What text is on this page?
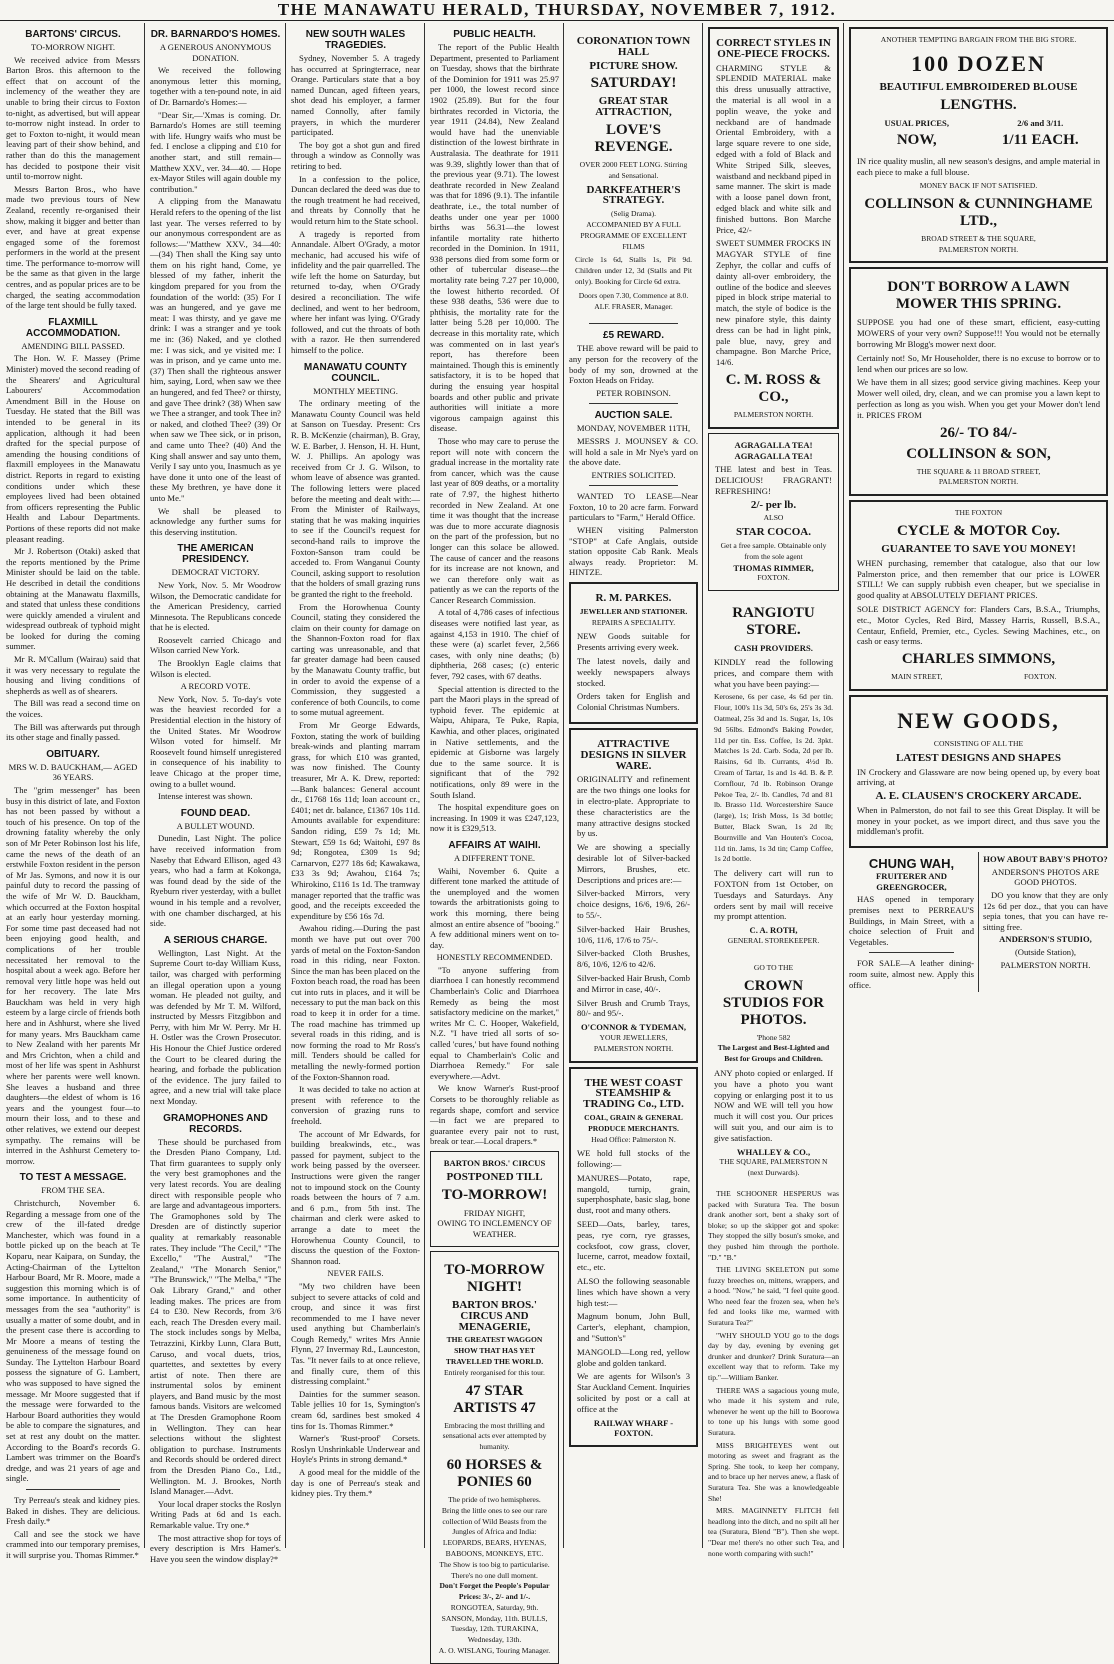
THE MANAWATU HERALD, THURSDAY, NOVEMBER 7, 1912.
BARTONS' CIRCUS.
TO-MORROW NIGHT.

We received advice from Messrs Barton Bros. this afternoon to the effect that on account of the inclemency of the weather they are unable to bring their circus to Foxton to-night, as advertised, but will appear to-morrow night instead. In order to get to Foxton to-night, it would mean leaving part of their show behind, and rather than do this the management has decided to postpone their visit until to-morrow night.

Messrs Barton Bros., who have made two previous tours of New Zealand, recently re-organised their show, making it bigger and better than ever, and have at great expense engaged some of the foremost performers in the world at the present time. The performance to-morrow will be the same as that given in the large centres, and as popular prices are to be charged, the seating accommodation of the large tent should be fully taxed.

FLAXMILL ACCOMMODATION.
AMENDING BILL PASSED.

The Hon. W. F. Massey (Prime Minister) moved the second reading of the Shearers' and Agricultural Labourers' Accommodation Amendment Bill in the House on Tuesday. He stated that the Bill was intended to be general in its application, although it had been drafted for the special purpose of amending the housing conditions of flaxmill employees in the Manawatu district. Reports in regard to existing conditions under which these employees lived had been obtained from officers representing the Public Health and Labour Departments. Portions of these reports did not make pleasant reading.

Mr J. Robertson (Otaki) asked that the reports mentioned by the Prime Minister should be laid on the table. He described in detail the conditions obtaining at the Manawatu flaxmills, and stated that unless these conditions were quickly amended a virulent and widespread outbreak of typhoid might be looked for during the coming summer.

Mr R. M'Callum (Wairau) said that it was very necessary to regulate the housing and living conditions of shepherds as well as of shearers.

The Bill was read a second time on the voices.

The Bill was afterwards put through its other stage and finally passed.

OBITUARY.
MRS W. D. BAUCKHAM,— AGED 36 YEARS.

The "grim messenger" has been busy in this district of late, and Foxton has not been passed by without a touch of his presence. On top of the drowning fatality whereby the only son of Mr Peter Robinson lost his life, came the news of the death of an erstwhile Foxton resident in the person of Mr Jas. Symons, and now it is our painful duty to record the passing of the wife of Mr W. D. Bauckham, which occurred at the Foxton hospital at an early hour yesterday morning. For some time past deceased had not been enjoying good health, and complications of her trouble necessitated her removal to the hospital about a week ago. Before her removal very little hope was held out for her recovery. The late Mrs Bauckham was held in very high esteem by a large circle of friends both here and in Ashhurst, where she lived for many years. Mrs Bauckham came to New Zealand with her parents Mr and Mrs Crichton, when a child and most of her life was spent in Ashhurst where her parents were well known. She leaves a husband and three daughters—the eldest of whom is 16 years and the youngest four—to mourn their loss, and to these and other relatives, we extend our deepest sympathy. The remains will be interred in the Ashhurst Cemetery to-morrow.

TO TEST A MESSAGE.
FROM THE SEA.

Christchurch, November 6. Regarding a message from one of the crew of the ill-fated dredge Manchester, which was found in a bottle picked up on the beach at Te Koparu, near Kaipara, on Sunday, the Acting-Chairman of the Lyttelton Harbour Board, Mr R. Moore, made a suggestion this morning which is of some importance. In authenticity of messages from the sea "authority" is usually a matter of some doubt, and in the present case there is according to Mr Moore a means of testing the genuineness of the message found on Sunday. The Lyttelton Harbour Board possess the signature of G. Lambert, who was supposed to have signed the message. Mr Moore suggested that if the message were forwarded to the Harbour Board authorities they would be able to compare the signatures, and set at rest any doubt on the matter. According to the Board's records G. Lambert was trimmer on the Board's dredge, and was 21 years of age and single.

Try Perreau's steak and kidney pies. Baked in dishes. They are delicious. Fresh daily.*

Call and see the stock we have crammed into our temporary premises, it will surprise you. Thomas Rimmer.*

DR. BARNARDO'S HOMES.
A GENEROUS ANONYMOUS DONATION.

We received the following anonymous letter this morning, together with a ten-pound note, in aid of Dr. Barnardo's Homes:—

"Dear Sir,—'Xmas is coming. Dr. Barnardo's Homes are still teeming with life. Hungry waifs who must be fed. I enclose a clipping and £10 for another start, and still remain—Matthew XXV., ver. 34—40. — Hope ex-Mayor Stiles will again double my contribution."

A clipping from the Manawatu Herald refers to the opening of the list last year. The verses referred to by our anonymous correspondent are as follows:—"Matthew XXV., 34—40:—(34) Then shall the King say unto them on his right hand, Come, ye blessed of my father, inherit the kingdom prepared for you from the foundation of the world: (35) For I was an hungered, and ye gave me meat: I was thirsty, and ye gave me drink: I was a stranger and ye took me in: (36) Naked, and ye clothed me: I was sick, and ye visited me: I was in prison, and ye came unto me. (37) Then shall the righteous answer him, saying, Lord, when saw we thee an hungered, and fed Thee? or thirsty, and gave Thee drink? (38) When saw we Thee a stranger, and took Thee in? or naked, and clothed Thee? (39) Or when saw we Thee sick, or in prison, and came unto Thee? (40) And the King shall answer and say unto them, Verily I say unto you, Inasmuch as ye have done it unto one of the least of these My brethren, ye have done it unto Me."

We shall be pleased to acknowledge any further sums for this deserving institution.

THE AMERICAN PRESIDENCY.
DEMOCRAT VICTORY.

New York, Nov. 5. Mr Woodrow Wilson, the Democratic candidate for the American Presidency, carried Minnesota. The Republicans concede that he is elected.

Roosevelt carried Chicago and Wilson carried New York.

The Brooklyn Eagle claims that Wilson is elected.

A RECORD VOTE.

New York, Nov. 5. To-day's vote was the heaviest recorded for a Presidential election in the history of the United States. Mr Woodrow Wilson voted for himself. Mr Roosevelt found himself unregistered in consequence of his inability to leave Chicago at the proper time, owing to a bullet wound.

Intense interest was shown.

FOUND DEAD.
A BULLET WOUND.

Dunedin, Last Night. The police have received information from Naseby that Edward Ellison, aged 43 years, who had a farm at Kokonga, was found dead by the side of the Ryeburn river yesterday, with a bullet wound in his temple and a revolver, with one chamber discharged, at his side.

A SERIOUS CHARGE.

Wellington, Last Night. At the Supreme Court to-day William Kuss, tailor, was charged with performing an illegal operation upon a young woman. He pleaded not guilty, and was defended by Mr T. M. Wilford, instructed by Messrs Fitzgibbon and Perry, with him Mr W. Perry. Mr H. H. Ostler was the Crown Prosecutor. His Honour the Chief Justice ordered the Court to be cleared during the hearing, and forbade the publication of the evidence. The jury failed to agree, and a new trial will take place next Monday.

GRAMOPHONES AND RECORDS.

These should be purchased from the Dresden Piano Company, Ltd. That firm guarantees to supply only the very best gramophones and the very latest records. You are dealing direct with responsible people who are large and advantageous importers. The Gramophones sold by The Dresden are of distinctly superior quality at remarkably reasonable rates. They include "The Cecil," "The Excello," "The Austral," "The Zealand," "The Monarch Senior," "The Brunswick," "The Melba," "The Oak Library Grand," and other leading makes. The prices are from £4 to £30. New Records, from 3/6 each, reach The Dresden every mail. The stock includes songs by Melba, Tetrazzini, Kirkby Lunn, Clara Butt, Caruso, and vocal duets, trios, quartettes, and sextettes by every artist of note. Then there are instrumental solos by eminent players, and Band music by the most famous bands. Visitors are welcomed at The Dresden Gramophone Room in Wellington. They can hear selections without the slightest obligation to purchase. Instruments and Records should be ordered direct from the Dresden Piano Co., Ltd., Wellington. M. J. Brookes, North Island Manager.—Advt.

Your local draper stocks the Roslyn Writing Pads at 6d and 1s each. Remarkable value. Try one.*

The most attractive shop for toys of every description is Mrs Hamer's. Have you seen the window display?*

NEW SOUTH WALES TRAGEDIES.

Sydney, November 5. A tragedy has occurred at Springterrace, near Orange. Particulars state that a boy named Duncan, aged fifteen years, shot dead his employer, a farmer named Connolly, after family prayers, in which the murderer participated.

The boy got a shot gun and fired through a window as Connolly was retiring to bed.

In a confession to the police, Duncan declared the deed was due to the rough treatment he had received, and threats by Connolly that he would return him to the State school.

A tragedy is reported from Annandale. Albert O'Grady, a motor mechanic, had accused his wife of infidelity and the pair quarrelled. The wife left the home on Saturday, but returned to-day, when O'Grady desired a reconciliation. The wife declined, and went to her bedroom, where her infant was lying. O'Grady followed, and cut the throats of both with a razor. He then surrendered himself to the police.

MANAWATU COUNTY COUNCIL.
MONTHLY MEETING.

The ordinary meeting of the Manawatu County Council was held at Sanson on Tuesday. Present: Crs R. B. McKenzie (chairman), B. Gray, W. E. Barber, J. Henson, H. H. Hunt, W. J. Phillips. An apology was received from Cr J. G. Wilson, to whom leave of absence was granted. The following letters were placed before the meeting and dealt with:— From the Minister of Railways, stating that he was making inquiries to see if the Council's request for second-hand rails to improve the Foxton-Sanson tram could be acceded to. From Wanganui County Council, asking support to resolution that the holders of small grazing runs be granted the right to the freehold.

From the Horowhenua County Council, stating they considered the claim on their county for damage on the Shannon-Foxton road for flax carting was unreasonable, and that far greater damage had been caused by the Manawatu County traffic, but in order to avoid the expense of a Commission, they suggested a conference of both Councils, to come to some mutual agreement.

From Mr George Edwards, Foxton, stating the work of building break-winds and planting marram grass, for which £10 was granted, was now finished. The County treasurer, Mr A. K. Drew, reported:—Bank balances: General account dr., £1768 16s 11d; loan account cr., £401; net dr. balance, £1367 10s 11d. Amounts available for expenditure: Sandon riding, £59 7s 1d; Mt. Stewart, £59 1s 6d; Waitohi, £97 8s 9d; Rongotea, £309 1s 9d; Carnarvon, £277 18s 6d; Kawakawa, £33 3s 9d; Awahou, £164 7s; Whirokino, £116 1s 1d. The tramway manager reported that the traffic was good, and the receipts exceeded the expenditure by £56 16s 7d.

Awahou riding.—During the past month we have put out over 700 yards of metal on the Foxton-Sandon road in this riding, near Foxton. Since the man has been placed on the Foxton beach road, the road has been cut into ruts in places, and it will be necessary to put the man back on this road to keep it in order for a time. The road machine has trimmed up several roads in this riding, and is now forming the road to Mr Ross's mill. Tenders should be called for metalling the newly-formed portion of the Foxton-Shannon road.

It was decided to take no action at present with reference to the conversion of grazing runs to freehold.

The account of Mr Edwards, for building breakwinds, etc., was passed for payment, subject to the work being passed by the overseer. Instructions were given the ranger not to impound stock on the County roads between the hours of 7 a.m. and 6 p.m., from 5th inst. The chairman and clerk were asked to arrange a date to meet the Horowhenua County Council, to discuss the question of the Foxton-Shannon road.

NEVER FAILS.

"My two children have been subject to severe attacks of cold and croup, and since it was first recommended to me I have never used anything but Chamberlain's Cough Remedy," writes Mrs Annie Flynn, 27 Invermay Rd., Launceston, Tas. "It never fails to at once relieve, and finally cure, them of this distressing complaint."

Dainties for the summer season. Table jellies 10 for 1s, Symington's cream 6d, sardines best smoked 4 tins for 1s. Thomas Rimmer.*

Warner's 'Rust-proof' Corsets. Roslyn Unshrinkable Underwear and Hoyle's Prints in strong demand.*

A good meal for the middle of the day is one of Perreau's steak and kidney pies. Try them.*

PUBLIC HEALTH.

The report of the Public Health Department, presented to Parliament on Tuesday, shows that the birthrate of the Dominion for 1911 was 25.97 per 1000, the lowest record since 1902 (25.89). But for the four birthrates recorded in Victoria, the year 1911 (24.84), New Zealand would have had the unenviable distinction of the lowest birthrate in Australasia. The deathrate for 1911 was 9.39, slightly lower than that of the previous year (9.71). The lowest deathrate recorded in New Zealand was that for 1896 (9.1). The infantile deathrate, i.e., the total number of deaths under one year per 1000 births was 56.31—the lowest infantile mortality rate hitherto recorded in the Dominion. In 1911, 938 persons died from some form or other of tubercular disease—the mortality rate being 7.27 per 10,000, the lowest hitherto recorded. Of these 938 deaths, 536 were due to phthisis, the mortality rate for the latter being 5.28 per 10,000. The decrease in this mortality rate, which was commented on in last year's report, has therefore been maintained. Though this is eminently satisfactory, it is to be hoped that during the ensuing year hospital boards and other public and private authorities will initiate a more vigorous campaign against this disease.

Those who may care to peruse the report will note with concern the gradual increase in the mortality rate from cancer, which was the cause last year of 809 deaths, or a mortality rate of 7.97, the highest hitherto recorded in New Zealand. At one time it was thought that the increase was due to more accurate diagnosis on the part of the profession, but no longer can this solace be allowed. The cause of cancer and the reasons for its increase are not known, and we can therefore only wait as patiently as we can the reports of the Cancer Research Commission.

A total of 4,786 cases of infectious diseases were notified last year, as against 4,153 in 1910. The chief of these were (a) scarlet fever, 2,566 cases, with only nine deaths; (b) diphtheria, 268 cases; (c) enteric fever, 792 cases, with 67 deaths.

Special attention is directed to the part the Maori plays in the spread of typhoid fever. The epidemic at Waipu, Ahipara, Te Puke, Rapia, Kawhia, and other places, originated in Native settlements, and the epidemic at Gisborne was largely due to the same source. It is significant that of the 792 notifications, only 89 were in the South Island.

The hospital expenditure goes on increasing. In 1909 it was £247,123, now it is £329,513.

AFFAIRS AT WAIHI.
A DIFFERENT TONE.

Waihi, November 6. Quite a different tone marked the attitude of the unemployed and the women towards the arbitrationists going to work this morning, there being almost an entire absence of "booing." A few additional miners went on to-day.

HONESTLY RECOMMENDED.

"To anyone suffering from diarrhoea I can honestly recommend Chamberlain's Colic and Diarrhoea Remedy as being the most satisfactory medicine on the market," writes Mr C. C. Hooper, Wakefield, N.Z. "I have tried all sorts of so-called 'cures,' but have found nothing equal to Chamberlain's Colic and Diarrhoea Remedy." For sale everywhere.—Advt.

We know Warner's Rust-proof Corsets to be thoroughly reliable as regards shape, comfort and service —in fact we are prepared to guarantee every pair not to rust, break or tear.—Local drapers.*

BARTON BROS.' CIRCUS
POSTPONED TILL
TO-MORROW!
FRIDAY NIGHT,
OWING TO INCLEMENCY OF WEATHER.
TO-MORROW NIGHT!
BARTON BROS.' CIRCUS AND MENAGERIE,
THE GREATEST WAGGON SHOW THAT HAS YET TRAVELLED THE WORLD.
Entirely reorganised for this tour.
47 STAR ARTISTS 47
Embracing the most thrilling and sensational acts ever attempted by humanity.
60 HORSES & PONIES 60
The pride of two hemispheres.
Bring the little ones to see our rare collection of Wild Beasts from the Jungles of Africa and India: LEOPARDS, BEARS, HYENAS, BABOONS, MONKEYS, ETC.
The Show is too big to particularise. There's no one dull moment.
Don't Forget the People's Popular Prices: 3/-, 2/- and 1/-.
RONGOTEA, Saturday, 9th. SANSON, Monday, 11th. BULLS, Tuesday, 12th. TURAKINA, Wednesday, 13th.
A. O. WISLANG, Touring Manager.
CORONATION TOWN HALL
PICTURE SHOW.
SATURDAY!
GREAT STAR ATTRACTION,
LOVE'S REVENGE.
OVER 2000 FEET LONG. Stirring and Sensational.
DARKFEATHER'S STRATEGY.
(Selig Drama).
ACCOMPANIED BY A FULL PROGRAMME OF EXCELLENT FILMS

Circle 1s 6d, Stalls 1s, Pit 9d. Children under 12, 3d (Stalls and Pit only). Booking for Circle 6d extra.

Doors open 7.30, Commence at 8.0.
ALF. FRASER, Manager.
£5 REWARD.

THE above reward will be paid to any person for the recovery of the body of my son, drowned at the Foxton Heads on Friday.

PETER ROBINSON.
AUCTION SALE.
MONDAY, NOVEMBER 11TH,

MESSRS J. MOUNSEY & CO. will hold a sale in Mr Nye's yard on the above date.

ENTRIES SOLICITED.

WANTED TO LEASE—Near Foxton, 10 to 20 acre farm. Forward particulars to "Farm," Herald Office.

WHEN visiting Palmerston "STOP" at Cafe Anglais, outside station opposite Cab Rank. Meals always ready. Proprietor: M. HINTZE.

R. M. PARKES.
JEWELLER AND STATIONER.
REPAIRS A SPECIALITY.

NEW Goods suitable for Presents arriving every week.

The latest novels, daily and weekly newspapers always stocked.

Orders taken for English and Colonial Christmas Numbers.

ATTRACTIVE DESIGNS IN SILVER WARE.

ORIGINALITY and refinement are the two things one looks for in electro-plate. Appropriate to these characteristics are the many attractive designs stocked by us.

We are showing a specially desirable lot of Silver-backed Mirrors, Brushes, etc. Descriptions and prices are:—

Silver-backed Mirrors, very choice designs, 16/6, 19/6, 26/- to 55/-.

Silver-backed Hair Brushes, 10/6, 11/6, 17/6 to 75/-.

Silver-backed Cloth Brushes, 8/6, 10/6, 12/6 to 42/6.

Silver-backed Hair Brush, Comb and Mirror in case, 40/-.

Silver Brush and Crumb Trays, 80/- and 95/-.

O'CONNOR & TYDEMAN,
YOUR JEWELLERS,
PALMERSTON NORTH.
THE WEST COAST STEAMSHIP & TRADING Co., LTD.
COAL, GRAIN & GENERAL PRODUCE MERCHANTS.
Head Office: Palmerston N.

WE hold full stocks of the following:—

MANURES—Potato, rape, mangold, turnip, grain, superphosphate, basic slag, bone dust, root and many others.

SEED—Oats, barley, tares, peas, rye corn, rye grasses, cocksfoot, cow grass, clover, lucerne, carrot, meadow foxtail, etc., etc.

ALSO the following seasonable lines which have shown a very high test:—

Magnum bonum, John Bull, Carter's, elephant, champion, and "Sutton's"

MANGOLD—Long red, yellow globe and golden tankard.

We are agents for Wilson's 3 Star Auckland Cement. Inquiries solicited by post or a call at office at the

RAILWAY WHARF - FOXTON.
CORRECT STYLES IN ONE-PIECE FROCKS.

CHARMING STYLE & SPLENDID MATERIAL make this dress unusually attractive, the material is all wool in a poplin weave, the yoke and neckband are of handmade Oriental Embroidery, with a large square revere to one side, edged with a fold of Black and White Striped Silk, sleeves, waistband and neckband piped in same manner. The skirt is made with a loose panel down front, edged black and white silk and finished buttons. Bon Marche Price, 42/-

SWEET SUMMER FROCKS IN MAGYAR STYLE of fine Zephyr, the collar and cuffs of dainty all-over embroidery, the outline of the bodice and sleeves piped in block stripe material to match, the style of bodice is the new pinafore style, this dainty dress can be had in light pink, pale blue, navy, grey and champagne. Bon Marche Price, 14/6.

C. M. ROSS & CO.,
PALMERSTON NORTH.
AGRAGALLA TEA!
AGRAGALLA TEA!

THE latest and best in Teas. DELICIOUS! FRAGRANT! REFRESHING!

2/- per lb.
ALSO
STAR COCOA.
Get a free sample. Obtainable only from the sole agent
THOMAS RIMMER,
FOXTON.
RANGIOTU STORE.
CASH PROVIDERS.

KINDLY read the following prices, and compare them with what you have been paying:—

Kerosene, 6s per case, 4s 6d per tin. Flour, 100's 11s 3d, 50's 6s, 25's 3s 3d. Oatmeal, 25s 3d and 1s. Sugar, 1s, 10s 9d 56lbs. Edmond's Baking Powder, 11d per tin. Ess. Coffee, 1s 2d. 3pkt. Matches 1s 2d. Carb. Soda, 2d per lb. Raisins, 6d lb. Currants, 4½d lb. Cream of Tartar, 1s and 1s 4d. B. & P. Cornflour, 7d lb. Robinson Orange Pekoe Tea, 2/- lb. Candles, 7d and 81 lb. Brasso 11d. Worcestershire Sauce (large), 1s; Irish Moss, 1s 3d bottle; Butter, Black Swan, 1s 2d lb; Bournville and Van Houten's Cocoa, 11d tin. Jams, 1s 3d tin; Camp Coffee, 1s 2d bottle.

The delivery cart will run to FOXTON from 1st October, on Tuesdays and Saturdays. Any orders sent by mail will receive my prompt attention.

C. A. ROTH,
GENERAL STOREKEEPER.
GO TO THE
CROWN STUDIOS FOR PHOTOS.
'Phone 582
The Largest and Best-Lighted and Best for Groups and Children.

ANY photo copied or enlarged. If you have a photo you want copying or enlarging post it to us NOW and WE will tell you how much it will cost you. Our prices will suit you, and our aim is to give satisfaction.

WHALLEY & CO.,
THE SQUARE, PALMERSTON N (next Durwards).

THE SCHOONER HESPERUS was packed with Suratura Tea. The bosun drank another sort, bent a shaky sort of bloke; so up the skipper got and spoke: They stopped the silly bosun's smoke, and they pushed him through the porthole. "D." "B."

THE LIVING SKELETON put some fuzzy breeches on, mittens, wrappers, and a hood. "Now," he said, "I feel quite good. Who need fear the frozen sea, when he's fed and looks like me, warmed with Suratura Tea?"

"WHY SHOULD YOU go to the dogs day by day, evening by evening get drunker and drunker? Drink Suratura—an excellent way that to reform. Take my tip."—William Banker.

THERE WAS a sagacious young mule, who made it his system and rule, whenever he went up the hill to Boorowa to tone up his lungs with some good Suratura.

MISS BRIGHTEYES went out motoring as sweet and fragrant as the Spring. She took, to keep her company, and to brace up her nerves anew, a flask of Suratura Tea. She was a knowledgeable She!

MRS. MAGINNETY FLITCH fell headlong into the ditch, and no spilt all her tea (Suratura, Blend "B"). Then she wept. "Dear me! there's no other such Tea, and none worth comparing with such!"

ANOTHER TEMPTING BARGAIN FROM THE BIG STORE.
100 DOZEN
BEAUTIFUL EMBROIDERED BLOUSE
LENGTHS.
USUAL PRICES,	2/6 and 3/11.
NOW,	1/11 EACH.

IN rice quality muslin, all new season's designs, and ample material in each piece to make a full blouse.

MONEY BACK IF NOT SATISFIED.
COLLINSON & CUNNINGHAME LTD.,
BROAD STREET & THE SQUARE,
PALMERSTON NORTH.
DON'T BORROW A LAWN MOWER THIS SPRING.

SUPPOSE you had one of these smart, efficient, easy-cutting MOWERS of your very own? Suppose!!! You would not be eternally borrowing Mr Blogg's mower next door.

Certainly not! So, Mr Householder, there is no excuse to borrow or to lend when our prices are so low.

We have them in all sizes; good service giving machines. Keep your Mower well oiled, dry, clean, and we can promise you a lawn kept to perfection as long as you wish. When you get your Mower don't lend it. PRICES FROM

26/- TO 84/-
COLLINSON & SON,
THE SQUARE & 11 BROAD STREET,
PALMERSTON NORTH.
THE FOXTON
CYCLE & MOTOR Coy.
GUARANTEE TO SAVE YOU MONEY!

WHEN purchasing, remember that catalogue, also that our low Palmerston price, and then remember that our price is LOWER STILL! We can supply rubbish even cheaper, but we specialise in good quality at ABSOLUTELY DEFIANT PRICES.

SOLE DISTRICT AGENCY for: Flanders Cars, B.S.A., Triumphs, etc., Motor Cycles, Red Bird, Massey Harris, Russell, B.S.A., Centaur, Enfield, Premier, etc., Cycles. Sewing Machines, etc., on cash or easy terms.

CHARLES SIMMONS,
MAIN STREET,	FOXTON.
NEW GOODS,
CONSISTING OF ALL THE
LATEST DESIGNS AND SHAPES

IN Crockery and Glassware are now being opened up, by every boat arriving, at

A. E. CLAUSEN'S CROCKERY ARCADE.

When in Palmerston, do not fail to see this Great Display. It will be money in your pocket, as we import direct, and thus save you the middleman's profit.

CHUNG WAH,
FRUITERER AND GREENGROCER,

HAS opened in temporary premises next to PERREAU'S Buildings, in Main Street, with a choice selection of Fruit and Vegetables.

FOR SALE—A leather dining-room suite, almost new. Apply this office.

HOW ABOUT BABY'S PHOTO?
ANDERSON'S PHOTOS ARE GOOD PHOTOS.

DO you know that they are only 12s 6d per doz., that you can have sepia tones, that you can have re-sitting free.

ANDERSON'S STUDIO,
(Outside Station),
PALMERSTON NORTH.
